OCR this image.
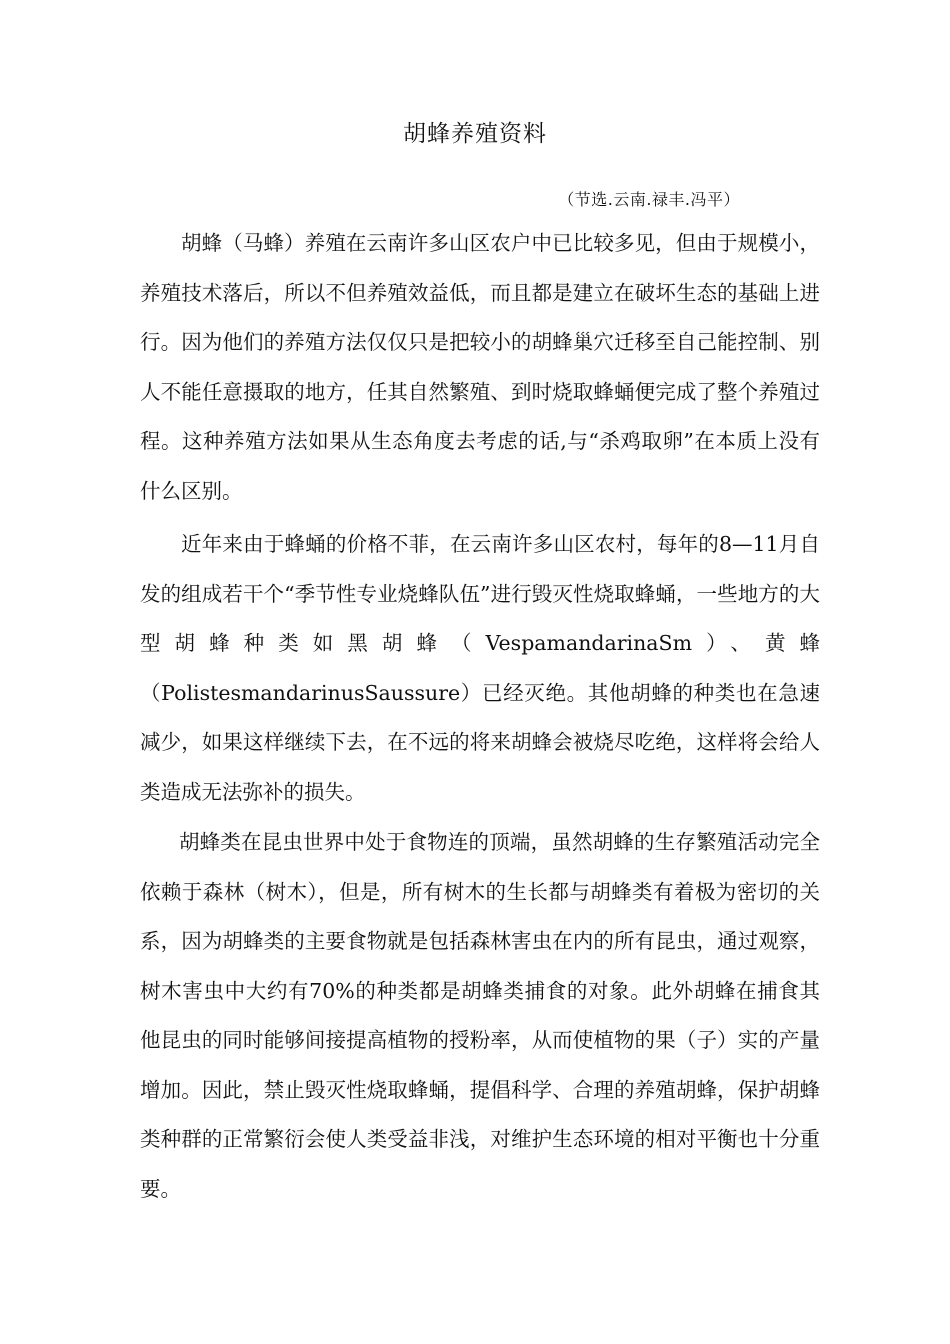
胡蜂养殖资料
（节选.云南.禄丰.冯平）

胡蜂（马蜂）养殖在云南许多山区农户中已比较多见，但由于规模小，养殖技术落后，所以不但养殖效益低，而且都是建立在破坏生态的基础上进行。因为他们的养殖方法仅仅只是把较小的胡蜂巢穴迁移至自己能控制、别人不能任意摄取的地方，任其自然繁殖、到时烧取蜂蛹便完成了整个养殖过程。这种养殖方法如果从生态角度去考虑的话,与“杀鸡取卵”在本质上没有什么区别。

近年来由于蜂蛹的价格不菲，在云南许多山区农村，每年的8—11月自发的组成若干个“季节性专业烧蜂队伍”进行毁灭性烧取蜂蛹，一些地方的大型胡蜂种类如黑胡蜂（VespamandarinaSm）、黄蜂（PolistesmandarinusSaussure）已经灭绝。其他胡蜂的种类也在急速减少，如果这样继续下去，在不远的将来胡蜂会被烧尽吃绝，这样将会给人类造成无法弥补的损失。

胡蜂类在昆虫世界中处于食物连的顶端，虽然胡蜂的生存繁殖活动完全依赖于森林（树木），但是，所有树木的生长都与胡蜂类有着极为密切的关系，因为胡蜂类的主要食物就是包括森林害虫在内的所有昆虫，通过观察，树木害虫中大约有70%的种类都是胡蜂类捕食的对象。此外胡蜂在捕食其他昆虫的同时能够间接提高植物的授粉率，从而使植物的果（子）实的产量增加。因此，禁止毁灭性烧取蜂蛹，提倡科学、合理的养殖胡蜂，保护胡蜂类种群的正常繁衍会使人类受益非浅，对维护生态环境的相对平衡也十分重要。
